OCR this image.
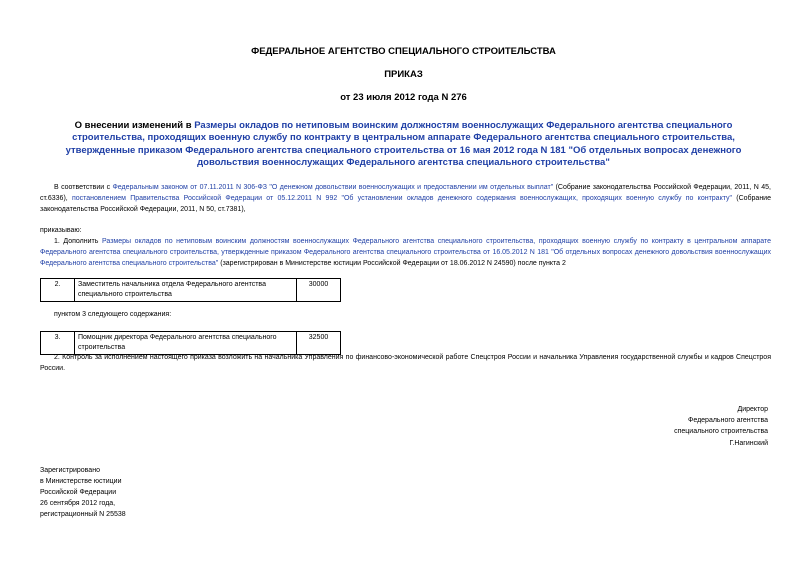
ФЕДЕРАЛЬНОЕ АГЕНТСТВО СПЕЦИАЛЬНОГО СТРОИТЕЛЬСТВА
ПРИКАЗ
от 23 июля 2012 года N 276
О внесении изменений в Размеры окладов по нетиповым воинским должностям военнослужащих Федерального агентства специального строительства, проходящих военную службу по контракту в центральном аппарате Федерального агентства специального строительства, утвержденные приказом Федерального агентства специального строительства от 16 мая 2012 года N 181 "Об отдельных вопросах денежного довольствия военнослужащих Федерального агентства специального строительства"
В соответствии с Федеральным законом от 07.11.2011 N 306-ФЗ "О денежном довольствии военнослужащих и предоставлении им отдельных выплат" (Собрание законодательства Российской Федерации, 2011, N 45, ст.6336), постановлением Правительства Российской Федерации от 05.12.2011 N 992 "Об установлении окладов денежного содержания военнослужащих, проходящих военную службу по контракту" (Собрание законодательства Российской Федерации, 2011, N 50, ст.7381),
приказываю:
1. Дополнить Размеры окладов по нетиповым воинским должностям военнослужащих Федерального агентства специального строительства, проходящих военную службу по контракту в центральном аппарате Федерального агентства специального строительства, утвержденные приказом Федерального агентства специального строительства от 16.05.2012 N 181 "Об отдельных вопросах денежного довольствия военнослужащих Федерального агентства специального строительства" (зарегистрирован в Министерстве юстиции Российской Федерации от 18.06.2012 N 24590) после пункта 2
2.	Заместитель начальника отдела Федерального агентства специального строительства	30000
пунктом 3 следующего содержания:
3.	Помощник директора Федерального агентства специального строительства	32500
2. Контроль за исполнением настоящего приказа возложить на начальника Управления по финансово-экономической работе Спецстроя России и начальника Управления государственной службы и кадров Спецстроя России.
Директор
Федерального агентства
специального строительства
Г.Нагинский
Зарегистрировано
в Министерстве юстиции
Российской Федерации
26 сентября 2012 года,
регистрационный N 25538
